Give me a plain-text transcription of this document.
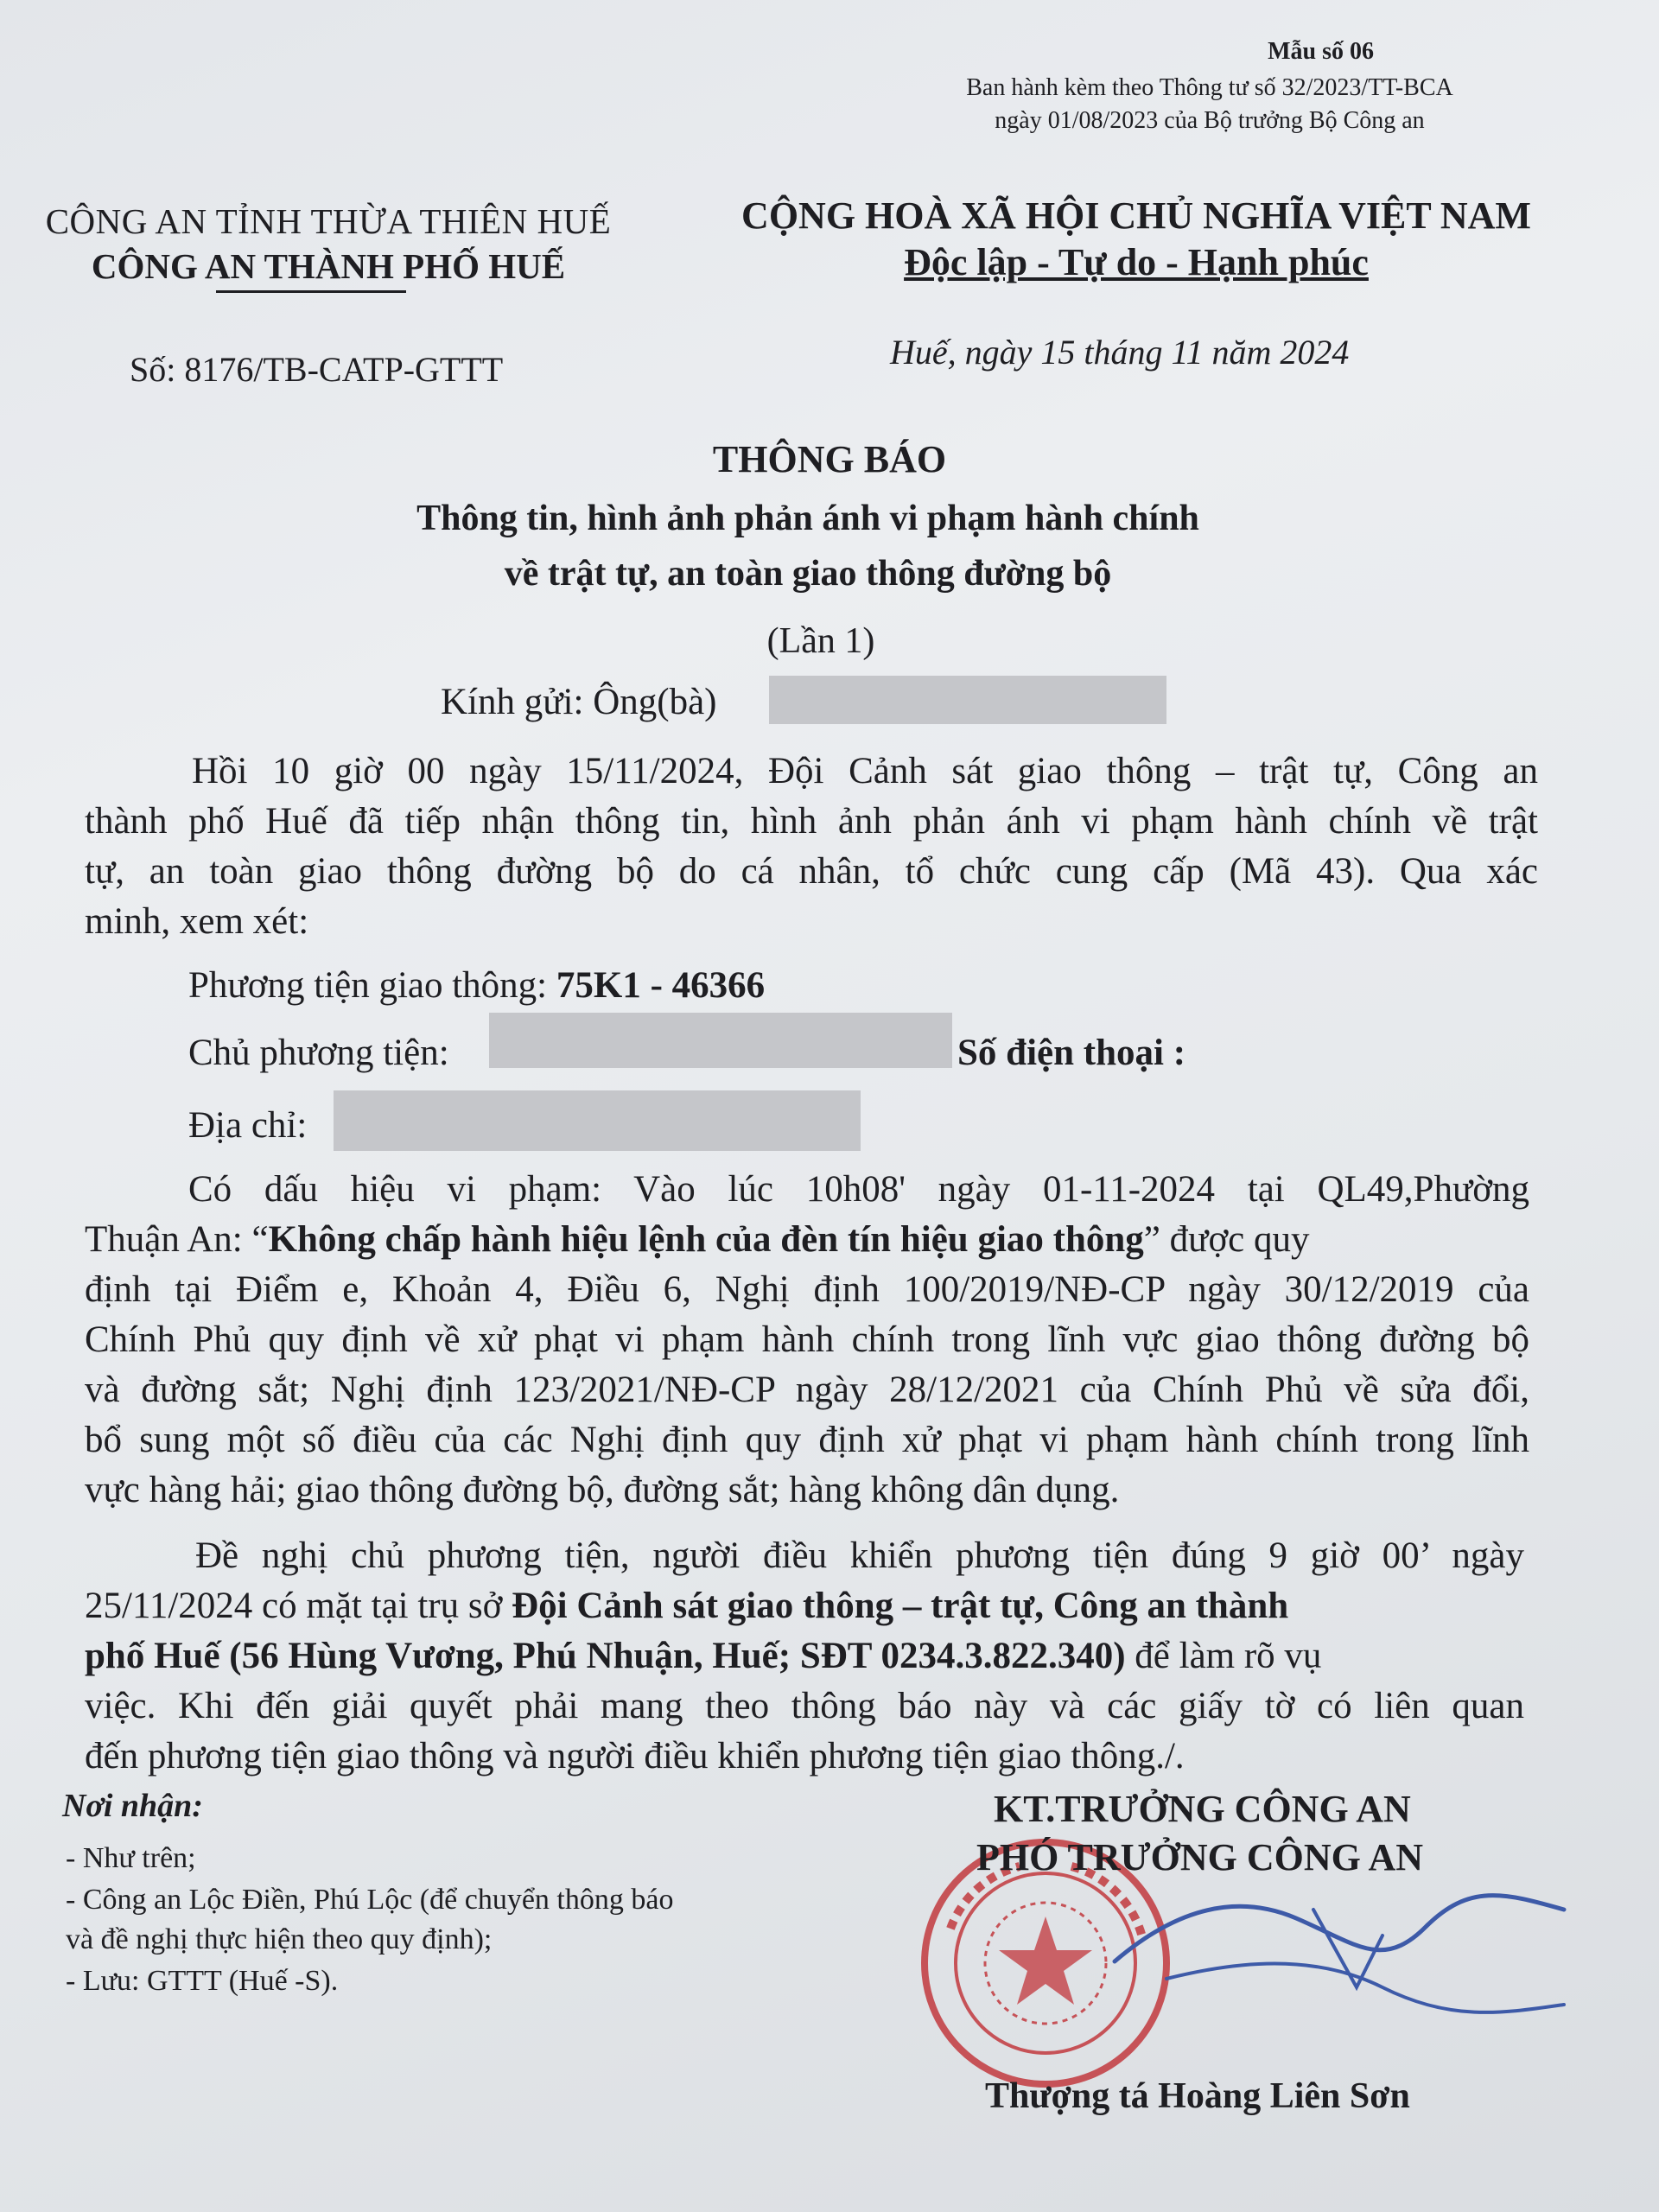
Mẫu số 06
Ban hành kèm theo Thông tư số 32/2023/TT-BCA
ngày 01/08/2023 của Bộ trưởng Bộ Công an
CÔNG AN TỈNH THỪA THIÊN HUẾ
CÔNG AN THÀNH PHỐ HUẾ
Số: 8176/TB-CATP-GTTT
CỘNG HOÀ XÃ HỘI CHỦ NGHĨA VIỆT NAM
Độc lập - Tự do - Hạnh phúc
Huế, ngày 15 tháng 11 năm 2024
THÔNG BÁO
Thông tin, hình ảnh phản ánh vi phạm hành chính
về trật tự, an toàn giao thông đường bộ
(Lần 1)
Kính gửi: Ông(bà)
Hồi 10 giờ 00 ngày 15/11/2024, Đội Cảnh sát giao thông – trật tự, Công an
thành phố Huế đã tiếp nhận thông tin, hình ảnh phản ánh vi phạm hành chính về trật
tự, an toàn giao thông đường bộ do cá nhân, tổ chức cung cấp (Mã 43). Qua xác
minh, xem xét:
Phương tiện giao thông: 75K1 - 46366
Chủ phương tiện:	Số điện thoại :
Địa chỉ:
Có dấu hiệu vi phạm: Vào lúc 10h08' ngày 01-11-2024 tại QL49,Phường
Thuận An: “Không chấp hành hiệu lệnh của đèn tín hiệu giao thông” được quy
định tại Điểm e, Khoản 4, Điều 6, Nghị định 100/2019/NĐ-CP ngày 30/12/2019 của
Chính Phủ quy định về xử phạt vi phạm hành chính trong lĩnh vực giao thông đường bộ
và đường sắt; Nghị định 123/2021/NĐ-CP ngày 28/12/2021 của Chính Phủ về sửa đổi,
bổ sung một số điều của các Nghị định quy định xử phạt vi phạm hành chính trong lĩnh
vực hàng hải; giao thông đường bộ, đường sắt; hàng không dân dụng.
Đề nghị chủ phương tiện, người điều khiển phương tiện đúng 9 giờ 00’ ngày
25/11/2024 có mặt tại trụ sở Đội Cảnh sát giao thông – trật tự, Công an thành
phố Huế (56 Hùng Vương, Phú Nhuận, Huế; SĐT 0234.3.822.340) để làm rõ vụ
việc. Khi đến giải quyết phải mang theo thông báo này và các giấy tờ có liên quan
đến phương tiện giao thông và người điều khiển phương tiện giao thông./.
Nơi nhận:
- Như trên;
- Công an Lộc Điền, Phú Lộc (để chuyển thông báo
và đề nghị thực hiện theo quy định);
- Lưu: GTTT (Huế -S).
KT.TRƯỞNG CÔNG AN
PHÓ TRƯỞNG CÔNG AN
Thượng tá Hoàng Liên Sơn
